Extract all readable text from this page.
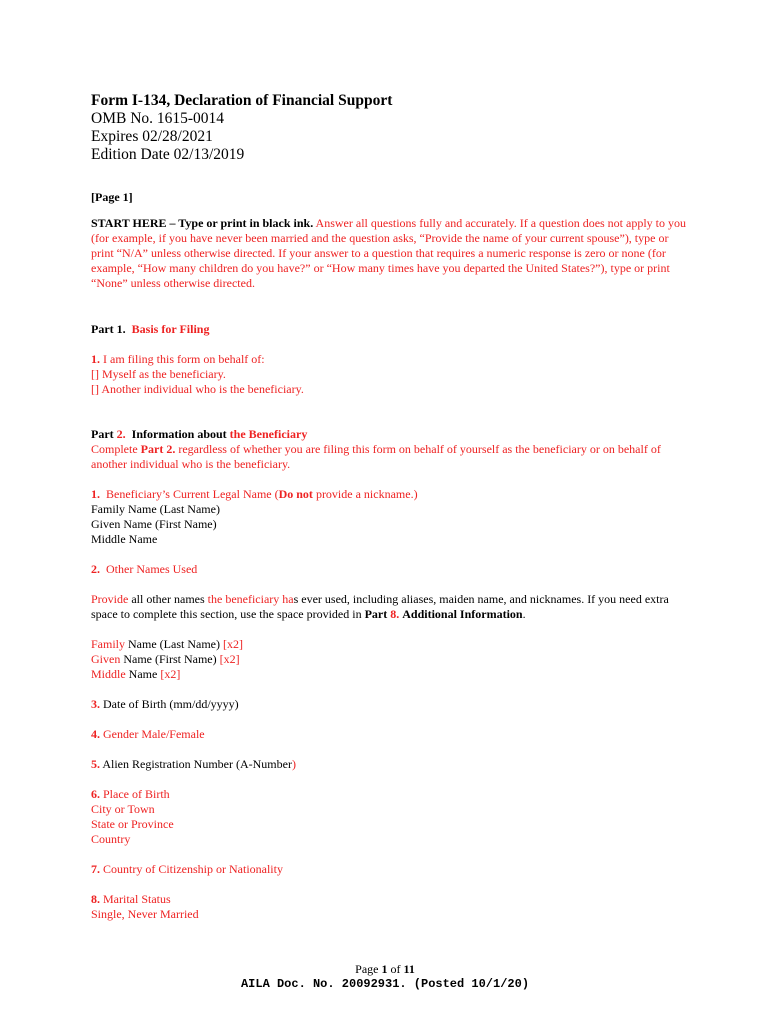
Form I-134, Declaration of Financial Support
OMB No. 1615-0014
Expires 02/28/2021
Edition Date 02/13/2019
[Page 1]

START HERE – Type or print in black ink. Answer all questions fully and accurately. If a question does not apply to you (for example, if you have never been married and the question asks, “Provide the name of your current spouse”), type or print “N/A” unless otherwise directed. If your answer to a question that requires a numeric response is zero or none (for example, “How many children do you have?” or “How many times have you departed the United States?”), type or print “None” unless otherwise directed.

Part 1. Basis for Filing
1. I am filing this form on behalf of:
[] Myself as the beneficiary.
[] Another individual who is the beneficiary.
Part 2. Information about the Beneficiary

Complete Part 2. regardless of whether you are filing this form on behalf of yourself as the beneficiary or on behalf of another individual who is the beneficiary.

1. Beneficiary’s Current Legal Name (Do not provide a nickname.)
Family Name (Last Name)
Given Name (First Name)
Middle Name
2. Other Names Used

Provide all other names the beneficiary has ever used, including aliases, maiden name, and nicknames. If you need extra space to complete this section, use the space provided in Part 8. Additional Information.

Family Name (Last Name) [x2]
Given Name (First Name) [x2]
Middle Name [x2]
3. Date of Birth (mm/dd/yyyy)
4. Gender Male/Female
5. Alien Registration Number (A-Number)
6. Place of Birth
City or Town
State or Province
Country
7. Country of Citizenship or Nationality
8. Marital Status
Single, Never Married
Page 1 of 11
AILA Doc. No. 20092931. (Posted 10/1/20)
